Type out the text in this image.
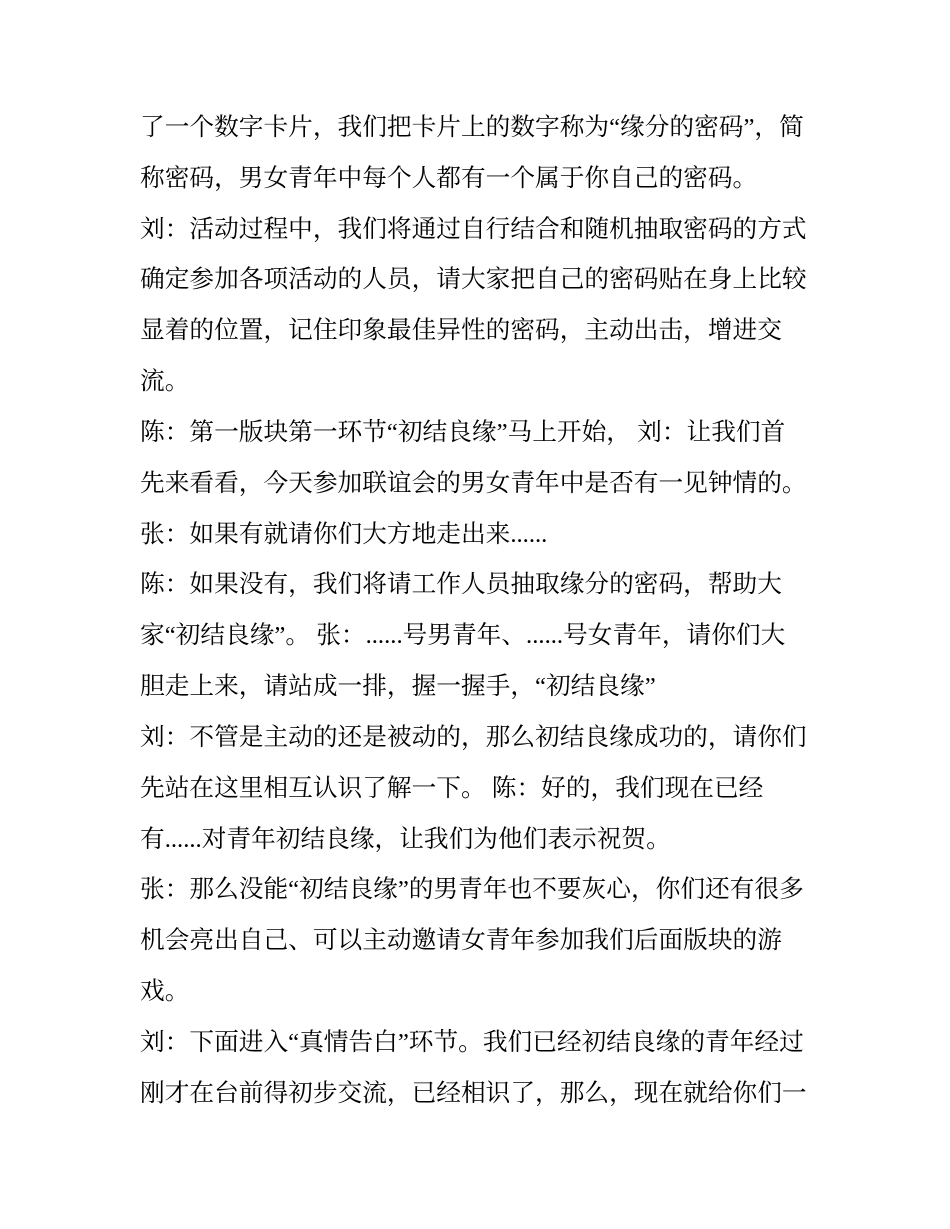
了一个数字卡片，我们把卡片上的数字称为“缘分的密码”，简
称密码，男女青年中每个人都有一个属于你自己的密码。
刘：活动过程中，我们将通过自行结合和随机抽取密码的方式
确定参加各项活动的人员，请大家把自己的密码贴在身上比较
显着的位置，记住印象最佳异性的密码，主动出击，增进交
流。
陈：第一版块第一环节“初结良缘”马上开始， 刘：让我们首
先来看看，今天参加联谊会的男女青年中是否有一见钟情的。
张：如果有就请你们大方地走出来......
陈：如果没有，我们将请工作人员抽取缘分的密码，帮助大
家“初结良缘”。 张：......号男青年、......号女青年，请你们大
胆走上来，请站成一排，握一握手，“初结良缘”
刘：不管是主动的还是被动的，那么初结良缘成功的，请你们
先站在这里相互认识了解一下。 陈：好的，我们现在已经
有......对青年初结良缘，让我们为他们表示祝贺。
张：那么没能“初结良缘”的男青年也不要灰心，你们还有很多
机会亮出自己、可以主动邀请女青年参加我们后面版块的游
戏。
刘：下面进入“真情告白”环节。我们已经初结良缘的青年经过
刚才在台前得初步交流，已经相识了，那么，现在就给你们一
